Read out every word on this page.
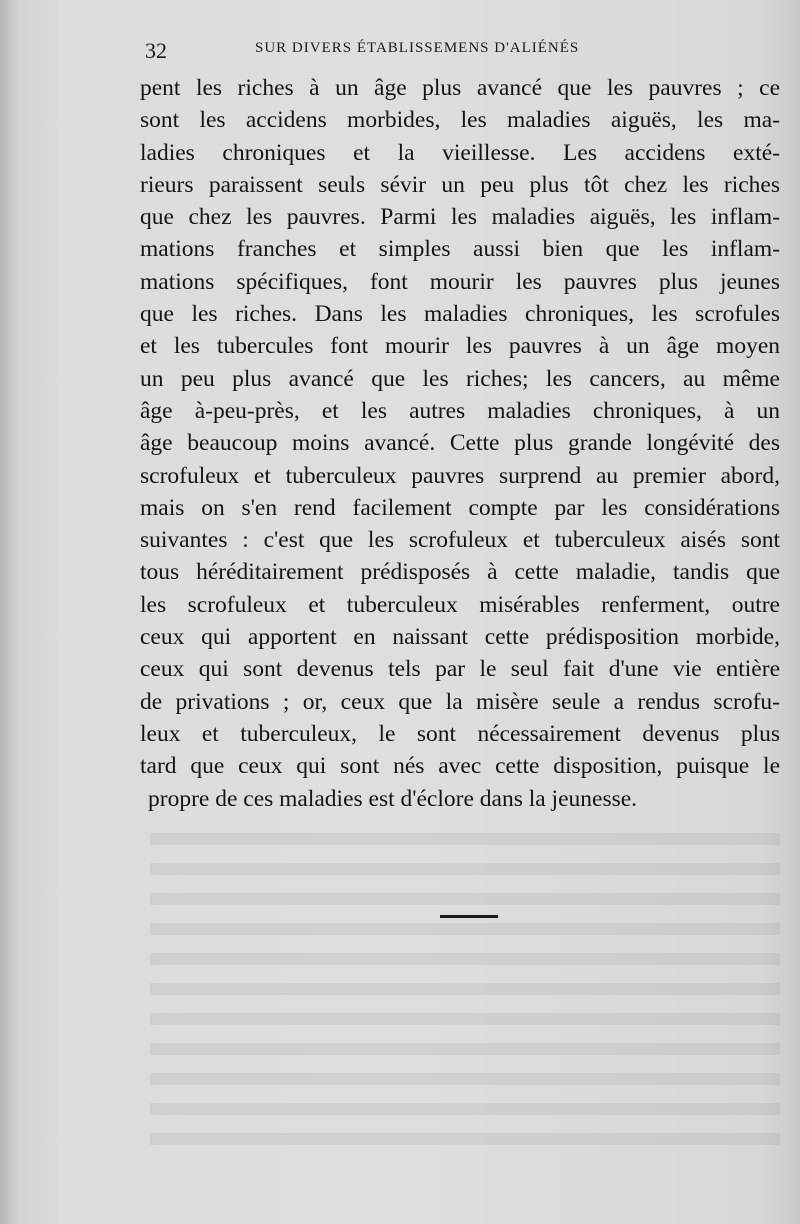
32	SUR DIVERS ÉTABLISSEMENS D'ALIÉNÉS
pent les riches à un âge plus avancé que les pauvres ; ce
sont les accidens morbides, les maladies aiguës, les ma-
ladies chroniques et la vieillesse. Les accidens exté-
rieurs paraissent seuls sévir un peu plus tôt chez les riches
que chez les pauvres. Parmi les maladies aiguës, les inflam-
mations franches et simples aussi bien que les inflam-
mations spécifiques, font mourir les pauvres plus jeunes
que les riches. Dans les maladies chroniques, les scrofules
et les tubercules font mourir les pauvres à un âge moyen
un peu plus avancé que les riches; les cancers, au même
âge à-peu-près, et les autres maladies chroniques, à un
âge beaucoup moins avancé. Cette plus grande longévité des
scrofuleux et tuberculeux pauvres surprend au premier abord,
mais on s'en rend facilement compte par les considérations
suivantes : c'est que les scrofuleux et tuberculeux aisés sont
tous héréditairement prédisposés à cette maladie, tandis que
les scrofuleux et tuberculeux misérables renferment, outre
ceux qui apportent en naissant cette prédisposition morbide,
ceux qui sont devenus tels par le seul fait d'une vie entière
de privations ; or, ceux que la misère seule a rendus scrofu-
leux et tuberculeux, le sont nécessairement devenus plus
tard que ceux qui sont nés avec cette disposition, puisque le
propre de ces maladies est d'éclore dans la jeunesse.
